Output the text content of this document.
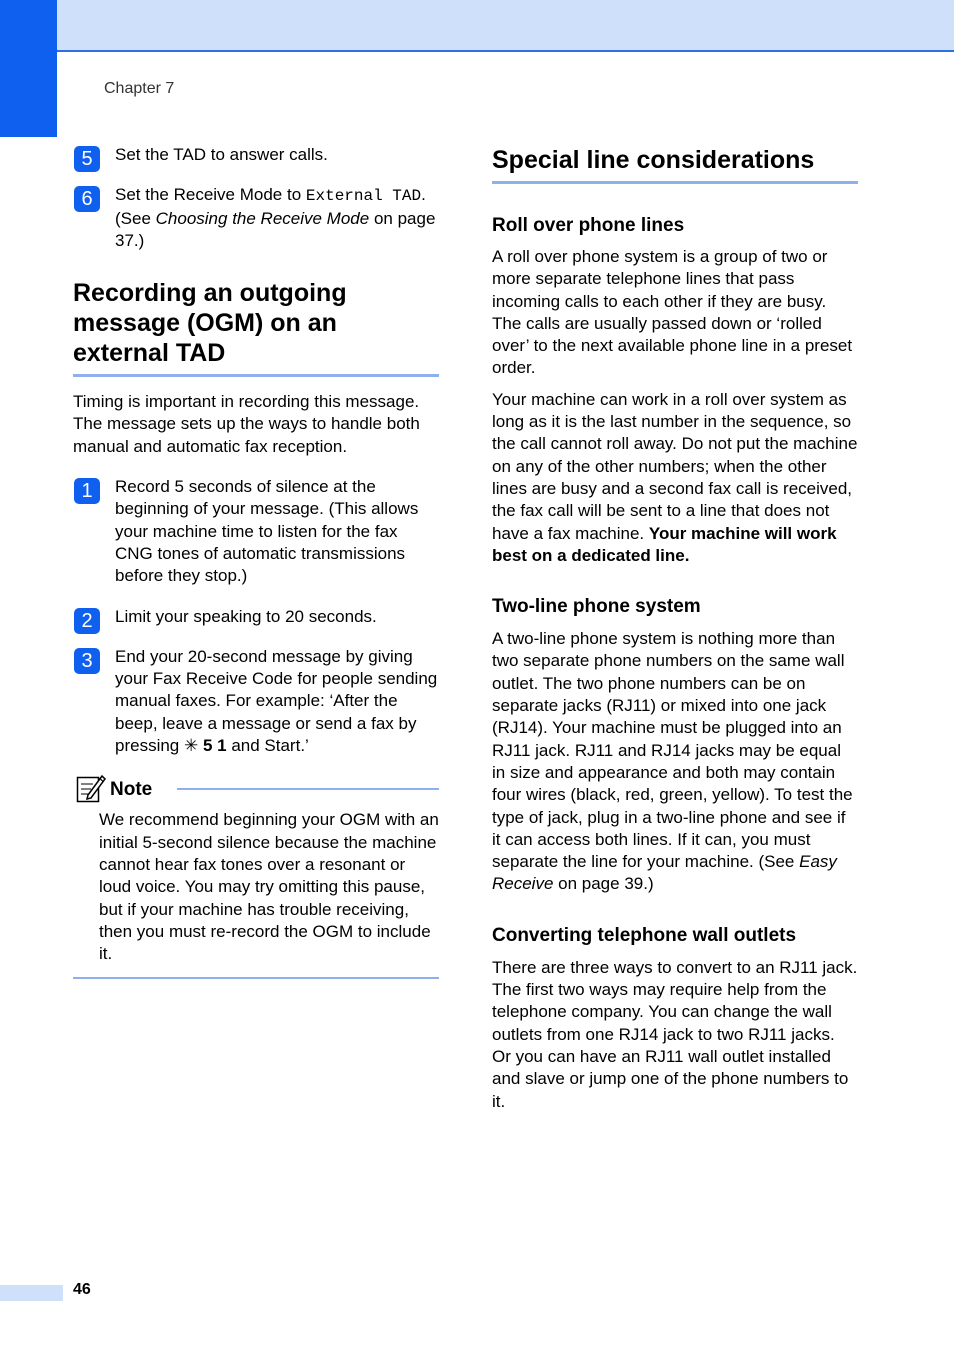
Chapter 7
5	Set the TAD to answer calls.
6	Set the Receive Mode to External TAD. (See Choosing the Receive Mode on page 37.)
Recording an outgoing message (OGM) on an external TAD
Timing is important in recording this message. The message sets up the ways to handle both manual and automatic fax reception.
1	Record 5 seconds of silence at the beginning of your message. (This allows your machine time to listen for the fax CNG tones of automatic transmissions before they stop.)
2	Limit your speaking to 20 seconds.
3	End your 20-second message by giving your Fax Receive Code for people sending manual faxes. For example: ‘After the beep, leave a message or send a fax by pressing ✳ 5 1 and Start.’
Note
We recommend beginning your OGM with an initial 5-second silence because the machine cannot hear fax tones over a resonant or loud voice. You may try omitting this pause, but if your machine has trouble receiving, then you must re-record the OGM to include it.
Special line considerations
Roll over phone lines
A roll over phone system is a group of two or more separate telephone lines that pass incoming calls to each other if they are busy. The calls are usually passed down or ‘rolled over’ to the next available phone line in a preset order.
Your machine can work in a roll over system as long as it is the last number in the sequence, so the call cannot roll away. Do not put the machine on any of the other numbers; when the other lines are busy and a second fax call is received, the fax call will be sent to a line that does not have a fax machine. Your machine will work best on a dedicated line.
Two-line phone system
A two-line phone system is nothing more than two separate phone numbers on the same wall outlet. The two phone numbers can be on separate jacks (RJ11) or mixed into one jack (RJ14). Your machine must be plugged into an RJ11 jack. RJ11 and RJ14 jacks may be equal in size and appearance and both may contain four wires (black, red, green, yellow). To test the type of jack, plug in a two-line phone and see if it can access both lines. If it can, you must separate the line for your machine. (See Easy Receive on page 39.)
Converting telephone wall outlets
There are three ways to convert to an RJ11 jack. The first two ways may require help from the telephone company. You can change the wall outlets from one RJ14 jack to two RJ11 jacks. Or you can have an RJ11 wall outlet installed and slave or jump one of the phone numbers to it.
46
